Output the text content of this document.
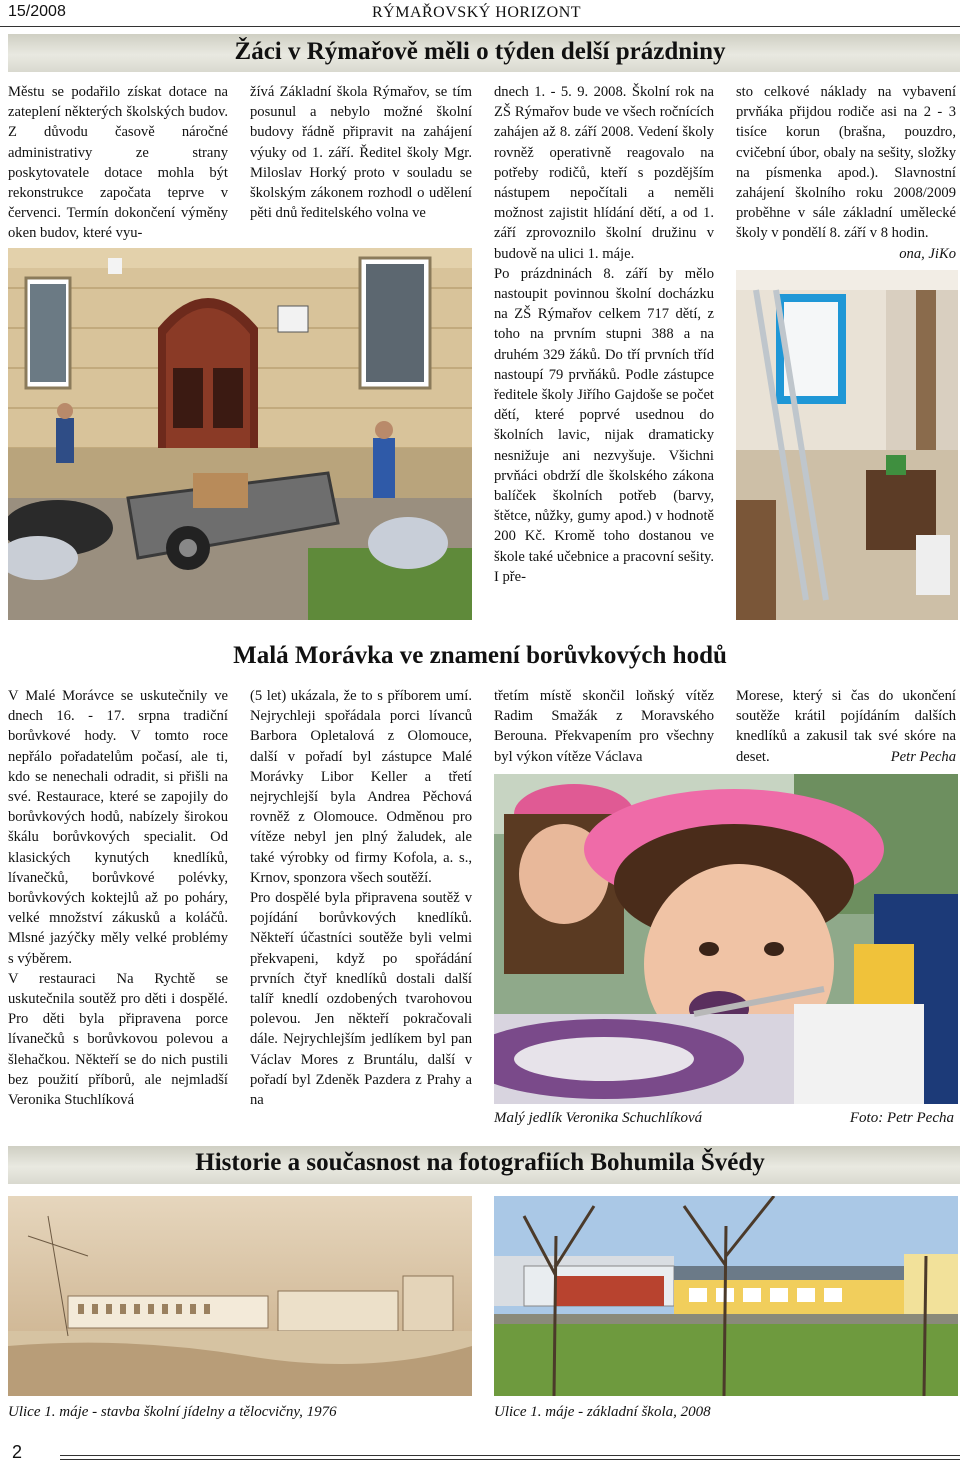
15/2008	RÝMAŘOVSKÝ HORIZONT
Žáci v Rýmařově měli o týden delší prázdniny

Městu se podařilo získat dotace na zateplení některých školských budov. Z důvodu časově náročné administrativy ze strany poskytovatele dotace mohla být rekonstrukce započata teprve v červenci. Termín dokončení výměny oken budov, které vyu-

žívá Základní škola Rýmařov, se tím posunul a nebylo možné školní budovy řádně připravit na zahájení výuky od 1. září. Ředitel školy Mgr. Miloslav Horký proto v souladu se školským zákonem rozhodl o udělení pěti dnů ředitelského volna ve

dnech 1. - 5. 9. 2008. Školní rok na ZŠ Rýmařov bude ve všech ročnících zahájen až 8. září 2008. Vedení školy rovněž operativně reagovalo na potřeby rodičů, kteří s pozdějším nástupem nepočítali a neměli možnost zajistit hlídání dětí, a od 1. září zprovoznilo školní družinu v budově na ulici 1. máje.

Po prázdninách 8. září by mělo nastoupit povinnou školní docházku na ZŠ Rýmařov celkem 717 dětí, z toho na prvním stupni 388 a na druhém 329 žáků. Do tří prvních tříd nastoupí 79 prvňáků. Podle zástupce ředitele školy Jiřího Gajdoše se počet dětí, které poprvé usednou do školních lavic, nijak dramaticky nesnižuje ani nezvyšuje. Všichni prvňáci obdrží dle školského zákona balíček školních potřeb (barvy, štětce, nůžky, gumy apod.) v hodnotě 200 Kč. Kromě toho dostanou ve škole také učebnice a pracovní sešity. I pře-

sto celkové náklady na vybavení prvňáka přijdou rodiče asi na 2 - 3 tisíce korun (brašna, pouzdro, cvičební úbor, obaly na sešity, složky na písmenka apod.). Slavnostní zahájení školního roku 2008/2009 proběhne v sále základní umělecké školy v pondělí 8. září v 8 hodin.
ona, JiKo

Malá Morávka ve znamení borůvkových hodů

V Malé Morávce se uskutečnily ve dnech 16. - 17. srpna tradiční borůvkové hody. V tomto roce nepřálo pořadatelům počasí, ale ti, kdo se nenechali odradit, si přišli na své. Restaurace, které se zapojily do borůvkových hodů, nabízely širokou škálu borůvkových specialit. Od klasických kynutých knedlíků, lívanečků, borůvkové polévky, borůvkových koktejlů až po poháry, velké množství zákusků a koláčů. Mlsné jazýčky měly velké problémy s výběrem.

V restauraci Na Rychtě se uskutečnila soutěž pro děti i dospělé. Pro děti byla připravena porce lívanečků s borůvkovou polevou a šlehačkou. Někteří se do nich pustili bez použití příborů, ale nejmladší Veronika Stuchlíková

(5 let) ukázala, že to s příborem umí. Nejrychleji spořádala porci lívanců Barbora Opletalová z Olomouce, další v pořadí byl zástupce Malé Morávky Libor Keller a třetí nejrychlejší byla Andrea Pěchová rovněž z Olomouce. Odměnou pro vítěze nebyl jen plný žaludek, ale také výrobky od firmy Kofola, a. s., Krnov, sponzora všech soutěží.

Pro dospělé byla připravena soutěž v pojídání borůvkových knedlíků. Někteří účastníci soutěže byli velmi překvapeni, když po spořádání prvních čtyř knedlíků dostali další talíř knedlí ozdobených tvarohovou polevou. Jen někteří pokračovali dále. Nejrychlejším jedlíkem byl pan Václav Mores z Bruntálu, další v pořadí byl Zdeněk Pazdera z Prahy a na

třetím místě skončil loňský vítěz Radim Smažák z Moravského Berouna. Překvapením pro všechny byl výkon vítěze Václava

Morese, který si čas do ukončení soutěže krátil pojídáním dalších knedlíků a zakusil tak své skóre na deset.	Petr Pecha

Malý jedlík Veronika Schuchlíková	Foto: Petr Pecha
Historie a současnost na fotografiích Bohumila Švédy
Ulice 1. máje - stavba školní jídelny a tělocvičny, 1976	Ulice 1. máje - základní škola, 2008
2
